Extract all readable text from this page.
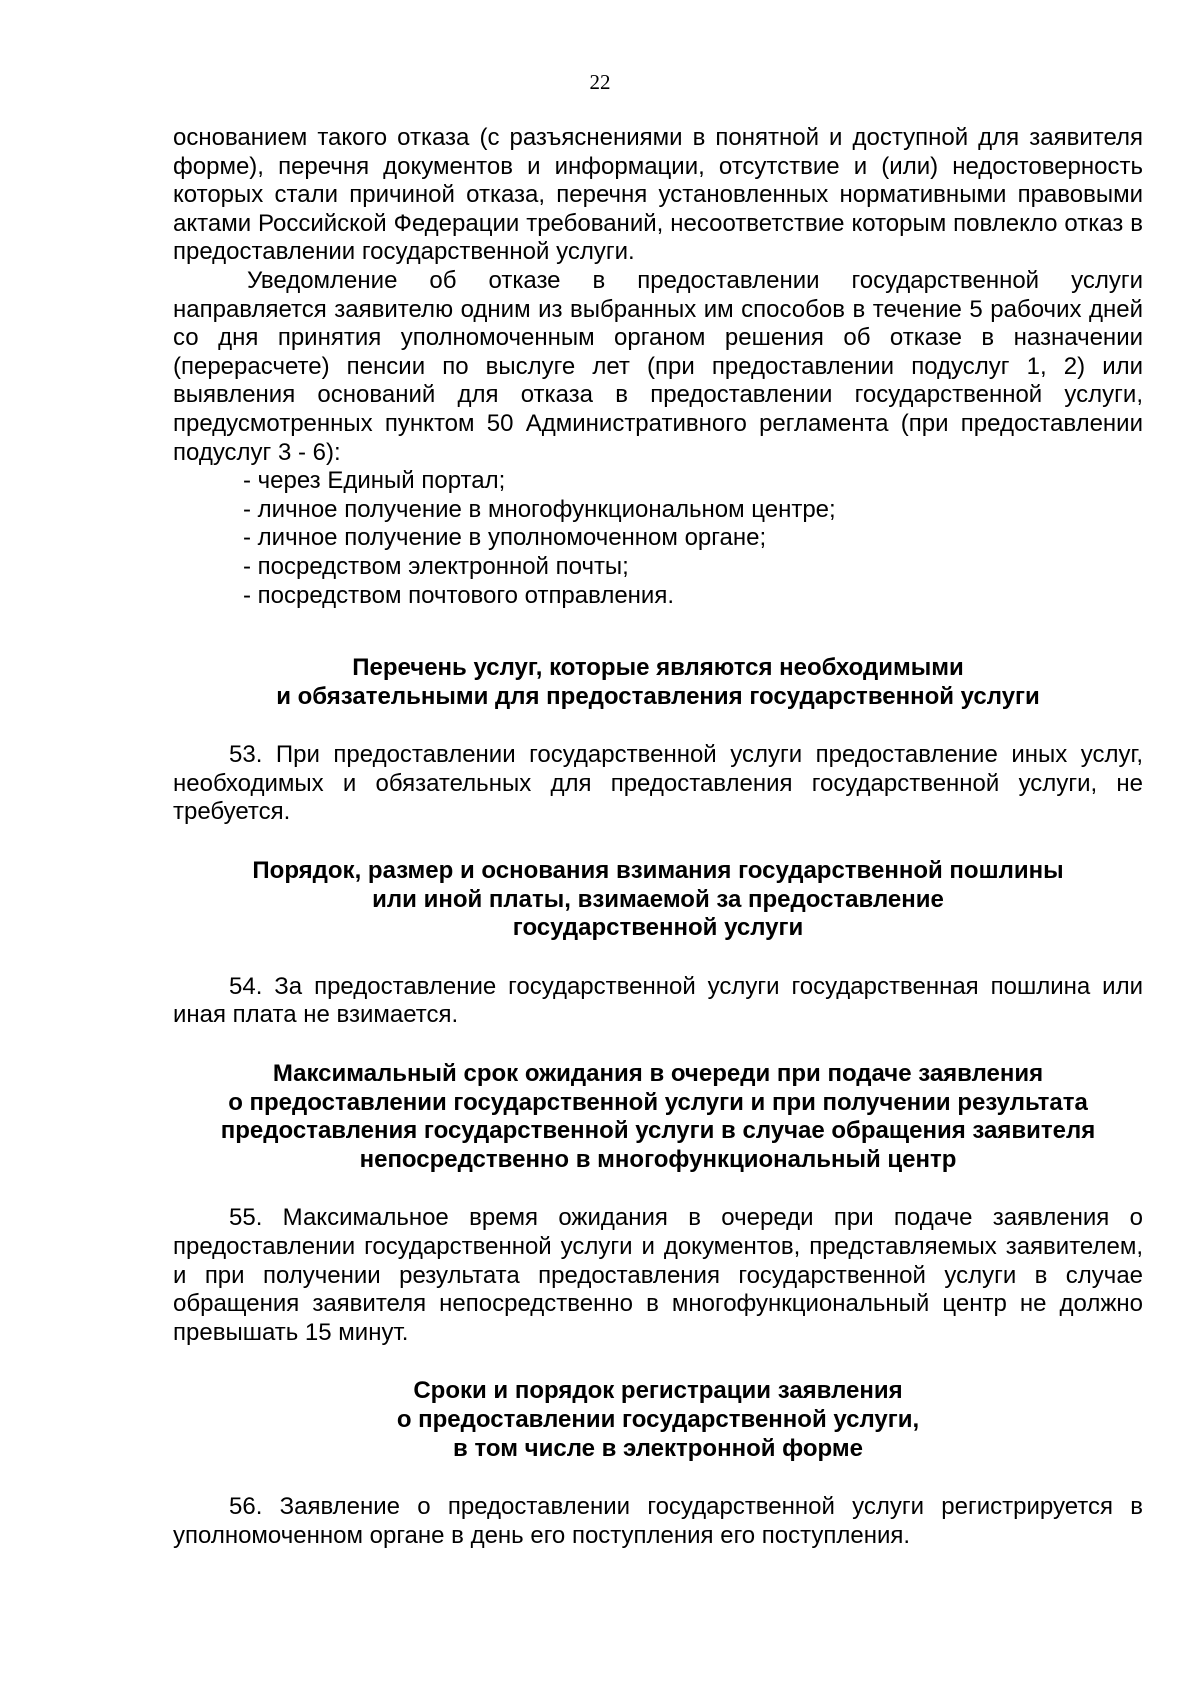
22

основанием такого отказа (с разъяснениями в понятной и доступной для заявителя форме), перечня документов и информации, отсутствие и (или) недостоверность которых стали причиной отказа, перечня установленных нормативными правовыми актами Российской Федерации требований, несоответствие которым повлекло отказ в предоставлении государственной услуги.

Уведомление об отказе в предоставлении государственной услуги направляется заявителю одним из выбранных им способов в течение 5 рабочих дней со дня принятия уполномоченным органом решения об отказе в назначении (перерасчете) пенсии по выслуге лет (при предоставлении подуслуг 1, 2) или выявления оснований для отказа в предоставлении государственной услуги, предусмотренных пунктом 50 Административного регламента (при предоставлении подуслуг 3 - 6):

- через Единый портал;
- личное получение в многофункциональном центре;
- личное получение в уполномоченном органе;
- посредством электронной почты;
- посредством почтового отправления.
Перечень услуг, которые являются необходимыми
и обязательными для предоставления государственной услуги

53. При предоставлении государственной услуги предоставление иных услуг, необходимых и обязательных для предоставления государственной услуги, не требуется.

Порядок, размер и основания взимания государственной пошлины
или иной платы, взимаемой за предоставление
государственной услуги

54. За предоставление государственной услуги государственная пошлина или иная плата не взимается.

Максимальный срок ожидания в очереди при подаче заявления
о предоставлении государственной услуги и при получении результата
предоставления государственной услуги в случае обращения заявителя
непосредственно в многофункциональный центр

55. Максимальное время ожидания в очереди при подаче заявления о предоставлении государственной услуги и документов, представляемых заявителем, и при получении результата предоставления государственной услуги в случае обращения заявителя непосредственно в многофункциональный центр не должно превышать 15 минут.

Сроки и порядок регистрации заявления
о предоставлении государственной услуги,
в том числе в электронной форме

56. Заявление о предоставлении государственной услуги регистрируется в уполномоченном органе в день его поступления его поступления.
